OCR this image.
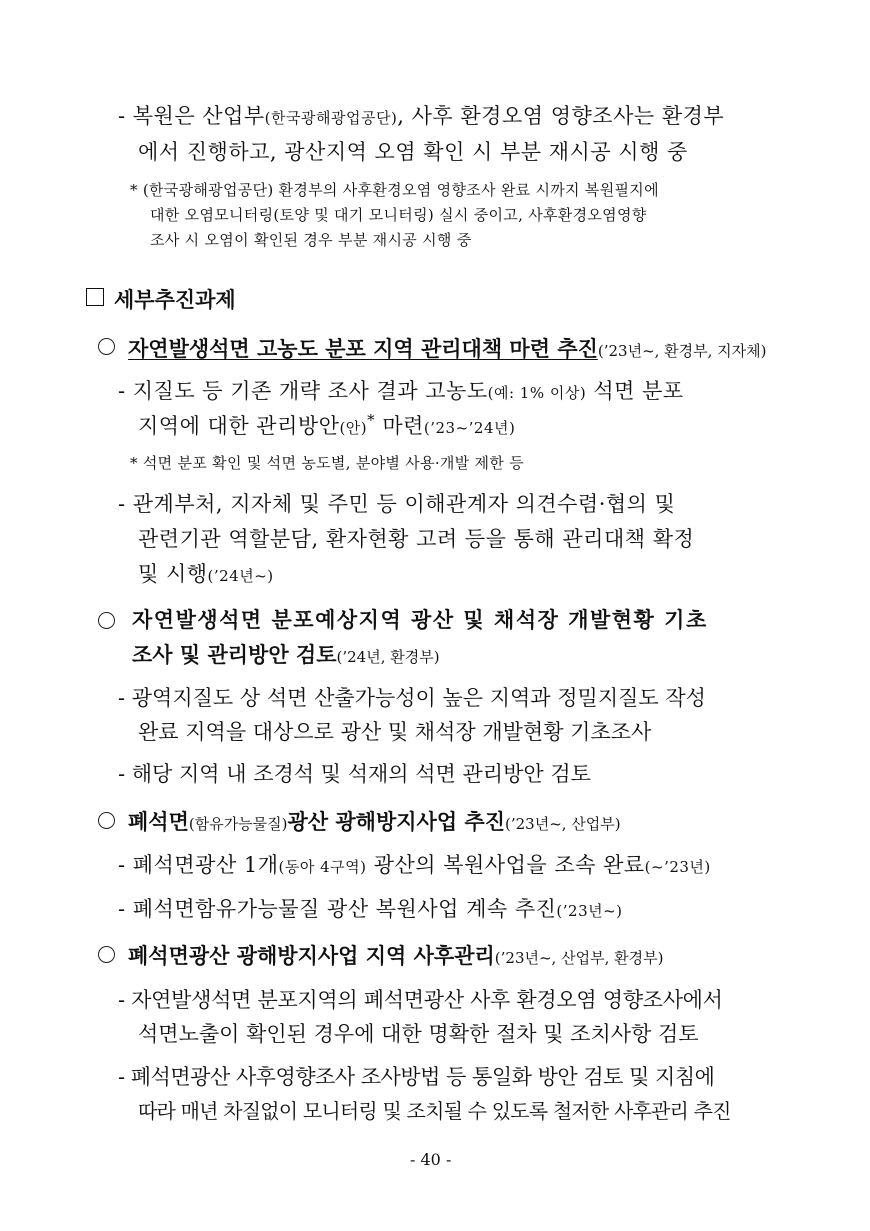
- 복원은 산업부(한국광해광업공단), 사후 환경오염 영향조사는 환경부
에서 진행하고, 광산지역 오염 확인 시 부분 재시공 시행 중
* (한국광해광업공단) 환경부의 사후환경오염 영향조사 완료 시까지 복원필지에
대한 오염모니터링(토양 및 대기 모니터링) 실시 중이고, 사후환경오염영향
조사 시 오염이 확인된 경우 부분 재시공 시행 중
세부추진과제
자연발생석면 고농도 분포 지역 관리대책 마련 추진(’23년~, 환경부, 지자체)
- 지질도 등 기존 개략 조사 결과 고농도(예: 1% 이상) 석면 분포
지역에 대한 관리방안(안)* 마련(’23~’24년)
* 석면 분포 확인 및 석면 농도별, 분야별 사용·개발 제한 등
- 관계부처, 지자체 및 주민 등 이해관계자 의견수렴·협의 및
관련기관 역할분담, 환자현황 고려 등을 통해 관리대책 확정
및 시행(’24년~)
자연발생석면 분포예상지역 광산 및 채석장 개발현황 기초
조사 및 관리방안 검토(’24년, 환경부)
- 광역지질도 상 석면 산출가능성이 높은 지역과 정밀지질도 작성
완료 지역을 대상으로 광산 및 채석장 개발현황 기초조사
- 해당 지역 내 조경석 및 석재의 석면 관리방안 검토
폐석면(함유가능물질)광산 광해방지사업 추진(’23년~, 산업부)
- 폐석면광산 1개(동아 4구역) 광산의 복원사업을 조속 완료(~’23년)
- 폐석면함유가능물질 광산 복원사업 계속 추진(’23년~)
폐석면광산 광해방지사업 지역 사후관리(’23년~, 산업부, 환경부)
- 자연발생석면 분포지역의 폐석면광산 사후 환경오염 영향조사에서
석면노출이 확인된 경우에 대한 명확한 절차 및 조치사항 검토
- 폐석면광산 사후영향조사 조사방법 등 통일화 방안 검토 및 지침에
따라 매년 차질없이 모니터링 및 조치될 수 있도록 철저한 사후관리 추진
- 40 -
